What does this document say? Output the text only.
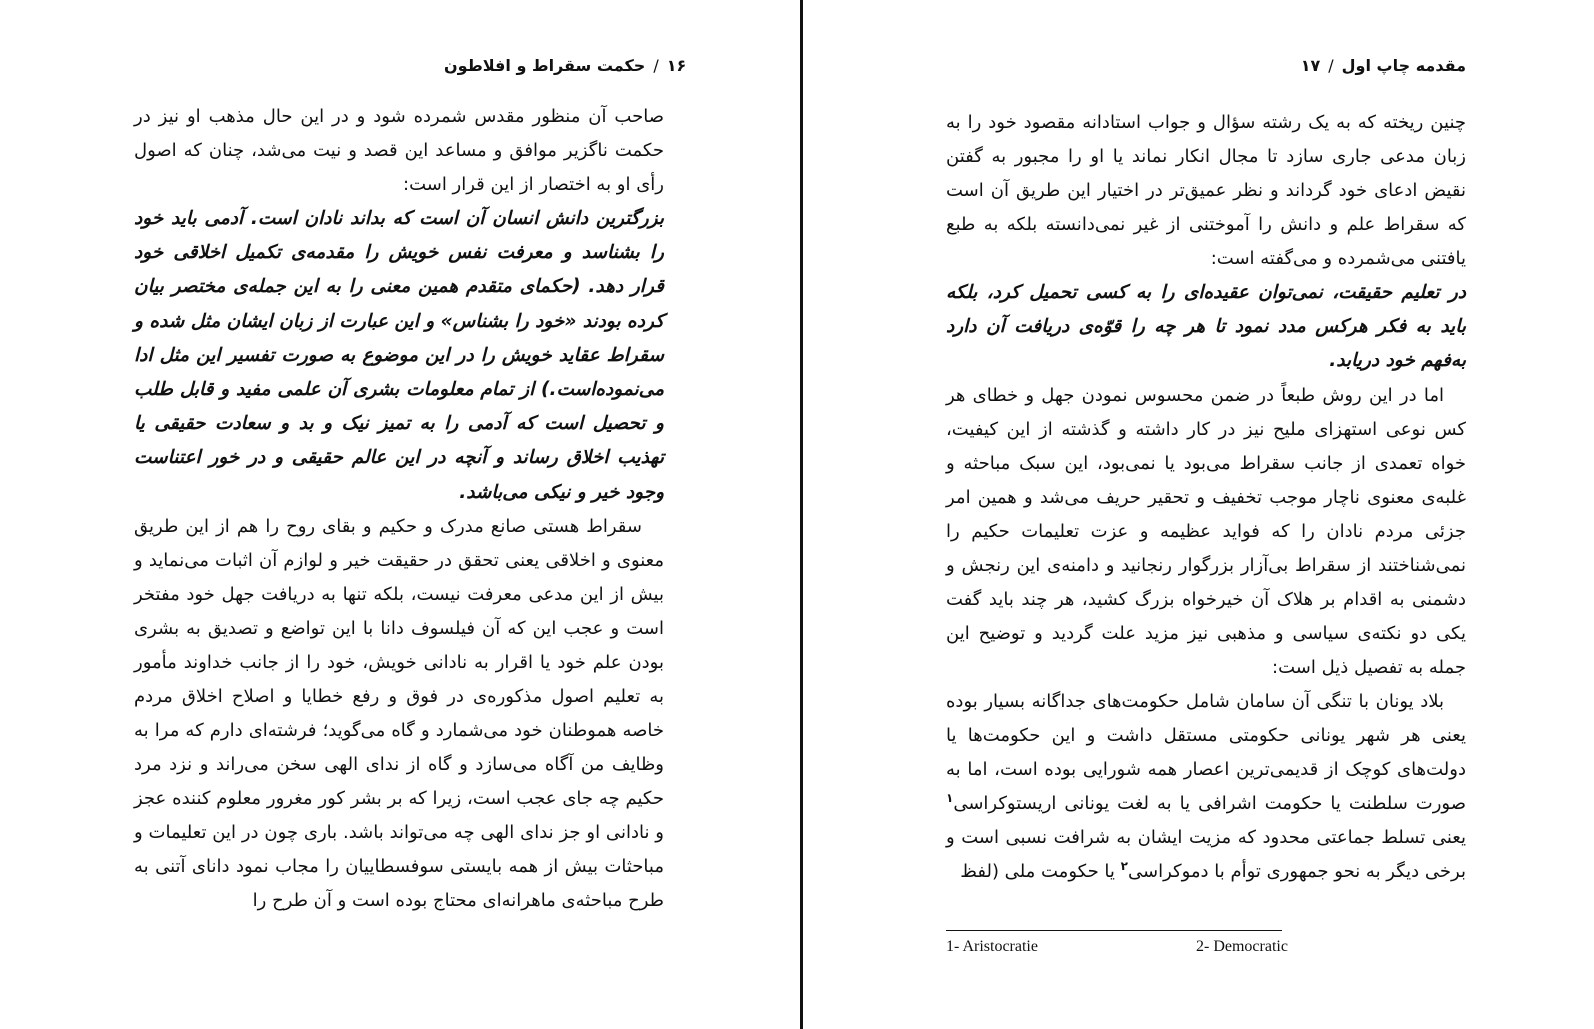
۱۶/حکمت سقراط و افلاطون

صاحب آن منظور مقدس شمرده شود و در این حال مذهب او نیز در حکمت ناگزیر موافق و مساعد این قصد و نیت می‌شد، چنان که اصول رأی او به اختصار از این قرار است:

بزرگترین دانش انسان آن است که بداند نادان است. آدمی باید خود را بشناسد و معرفت نفس خویش را مقدمه‌ی تکمیل اخلاقی خود قرار دهد. (حکمای متقدم همین معنی را به این جمله‌ی مختصر بیان کرده بودند «خود را بشناس» و این عبارت از زبان ایشان مثل شده و سقراط عقاید خویش را در این موضوع به صورت تفسیر این مثل ادا می‌نموده‌است.) از تمام معلومات بشری آن علمی مفید و قابل طلب و تحصیل است که آدمی را به تمیز نیک و بد و سعادت حقیقی یا تهذیب اخلاق رساند و آنچه در این عالم حقیقی و در خور اعتناست وجود خیر و نیکی می‌باشد.

سقراط هستی صانع مدرک و حکیم و بقای روح را هم از این طریق معنوی و اخلاقی یعنی تحقق در حقیقت خیر و لوازم آن اثبات می‌نماید و بیش از این مدعی معرفت نیست، بلکه تنها به دریافت جهل خود مفتخر است و عجب این که آن فیلسوف دانا با این تواضع و تصدیق به بشری بودن علم خود یا اقرار به نادانی خویش، خود را از جانب خداوند مأمور به تعلیم اصول مذکوره‌ی در فوق و رفع خطایا و اصلاح اخلاق مردم خاصه هموطنان خود می‌شمارد و گاه می‌گوید؛ فرشته‌ای دارم که مرا به وظایف من آگاه می‌سازد و گاه از ندای الهی سخن می‌راند و نزد مرد حکیم چه جای عجب است، زیرا که بر بشر کور مغرور معلوم کننده عجز و نادانی او جز ندای الهی چه می‌تواند باشد. باری چون در این تعلیمات و مباحثات بیش از همه بایستی سوفسطاییان را مجاب نمود دانای آتنی به طرح مباحثه‌ی ماهرانه‌ای محتاج بوده است و آن طرح را

مقدمه چاپ اول/۱۷

چنین ریخته که به یک رشته سؤال و جواب استادانه مقصود خود را به زبان مدعی جاری سازد تا مجال انکار نماند یا او را مجبور به گفتن نقیض ادعای خود گرداند و نظر عمیق‌تر در اختیار این طریق آن است که سقراط علم و دانش را آموختنی از غیر نمی‌دانسته بلکه به طبع یافتنی می‌شمرده و می‌گفته است:

در تعلیم حقیقت، نمی‌توان عقیده‌ای را به کسی تحمیل کرد، بلکه باید به فکر هرکس مدد نمود تا هر چه را قوّه‌ی دریافت آن دارد به‌فهم خود دریابد.

اما در این روش طبعاً در ضمن محسوس نمودن جهل و خطای هر کس نوعی استهزای ملیح نیز در کار داشته و گذشته از این کیفیت، خواه تعمدی از جانب سقراط می‌بود یا نمی‌بود، این سبک مباحثه و غلبه‌ی معنوی ناچار موجب تخفیف و تحقیر حریف می‌شد و همین امر جزئی مردم نادان را که فواید عظیمه و عزت تعلیمات حکیم را نمی‌شناختند از سقراط بی‌آزار بزرگوار رنجانید و دامنه‌ی این رنجش و دشمنی به اقدام بر هلاک آن خیرخواه بزرگ کشید، هر چند باید گفت یکی دو نکته‌ی سیاسی و مذهبی نیز مزید علت گردید و توضیح این جمله به تفصیل ذیل است:

بلاد یونان با تنگی آن سامان شامل حکومت‌های جداگانه بسیار بوده یعنی هر شهر یونانی حکومتی مستقل داشت و این حکومت‌ها یا دولت‌های کوچک از قدیمی‌ترین اعصار همه شورایی بوده است، اما به صورت سلطنت یا حکومت اشرافی یا به لغت یونانی اریستوکراسی$^۱$ یعنی تسلط جماعتی محدود که مزیت ایشان به شرافت نسبی است و برخی دیگر به نحو جمهوری توأم با دموکراسی$^۲$ یا حکومت ملی (لفظ

1- Aristocratie	2- Democratic
